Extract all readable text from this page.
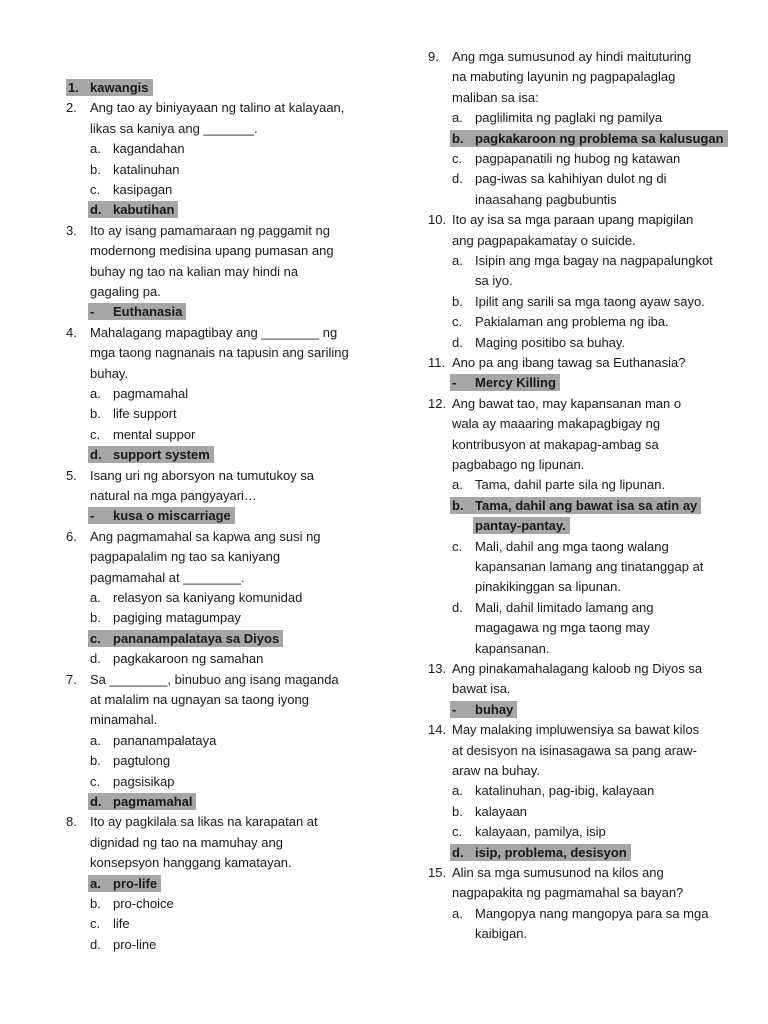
1. kawangis
2. Ang tao ay biniyayaan ng talino at kalayaan,
likas sa kaniya ang _______.
a. kagandahan
b. katalinuhan
c. kasipagan
d. kabutihan
3. Ito ay isang pamamaraan ng paggamit ng
modernong medisina upang pumasan ang
buhay ng tao na kalian may hindi na
gagaling pa.
- Euthanasia
4. Mahalagang mapagtibay ang ________ ng
mga taong nagnanais na tapusin ang sariling
buhay.
a. pagmamahal
b. life support
c. mental suppor
d. support system
5. Isang uri ng aborsyon na tumutukoy sa
natural na mga pangyayari…
- kusa o miscarriage
6. Ang pagmamahal sa kapwa ang susi ng
pagpapalalim ng tao sa kaniyang
pagmamahal at ________.
a. relasyon sa kaniyang komunidad
b. pagiging matagumpay
c. pananampalataya sa Diyos
d. pagkakaroon ng samahan
7. Sa ________, binubuo ang isang maganda
at malalim na ugnayan sa taong iyong
minamahal.
a. pananampalataya
b. pagtulong
c. pagsisikap
d. pagmamahal
8. Ito ay pagkilala sa likas na karapatan at
dignidad ng tao na mamuhay ang
konsepsyon hanggang kamatayan.
a. pro-life
b. pro-choice
c. life
d. pro-line
9. Ang mga sumusunod ay hindi maituturing
na mabuting layunin ng pagpapalaglag
maliban sa isa:
a. paglilimita ng paglaki ng pamilya
b. pagkakaroon ng problema sa kalusugan
c. pagpapanatili ng hubog ng katawan
d. pag-iwas sa kahihiyan dulot ng di
inaasahang pagbubuntis
10. Ito ay isa sa mga paraan upang mapigilan
ang pagpapakamatay o suicide.
a. Isipin ang mga bagay na nagpapalungkot
sa iyo.
b. Ipilit ang sarili sa mga taong ayaw sayo.
c. Pakialaman ang problema ng iba.
d. Maging positibo sa buhay.
11. Ano pa ang ibang tawag sa Euthanasia?
- Mercy Killing
12. Ang bawat tao, may kapansanan man o
wala ay maaaring makapagbigay ng
kontribusyon at makapag-ambag sa
pagbabago ng lipunan.
a. Tama, dahil parte sila ng lipunan.
b. Tama, dahil ang bawat isa sa atin ay
pantay-pantay.
c. Mali, dahil ang mga taong walang
kapansanan lamang ang tinatanggap at
pinakikinggan sa lipunan.
d. Mali, dahil limitado lamang ang
magagawa ng mga taong may
kapansanan.
13. Ang pinakamahalagang kaloob ng Diyos sa
bawat isa.
- buhay
14. May malaking impluwensiya sa bawat kilos
at desisyon na isinasagawa sa pang araw-
araw na buhay.
a. katalinuhan, pag-ibig, kalayaan
b. kalayaan
c. kalayaan, pamilya, isip
d. isip, problema, desisyon
15. Alin sa mga sumusunod na kilos ang
nagpapakita ng pagmamahal sa bayan?
a. Mangopya nang mangopya para sa mga
kaibigan.
